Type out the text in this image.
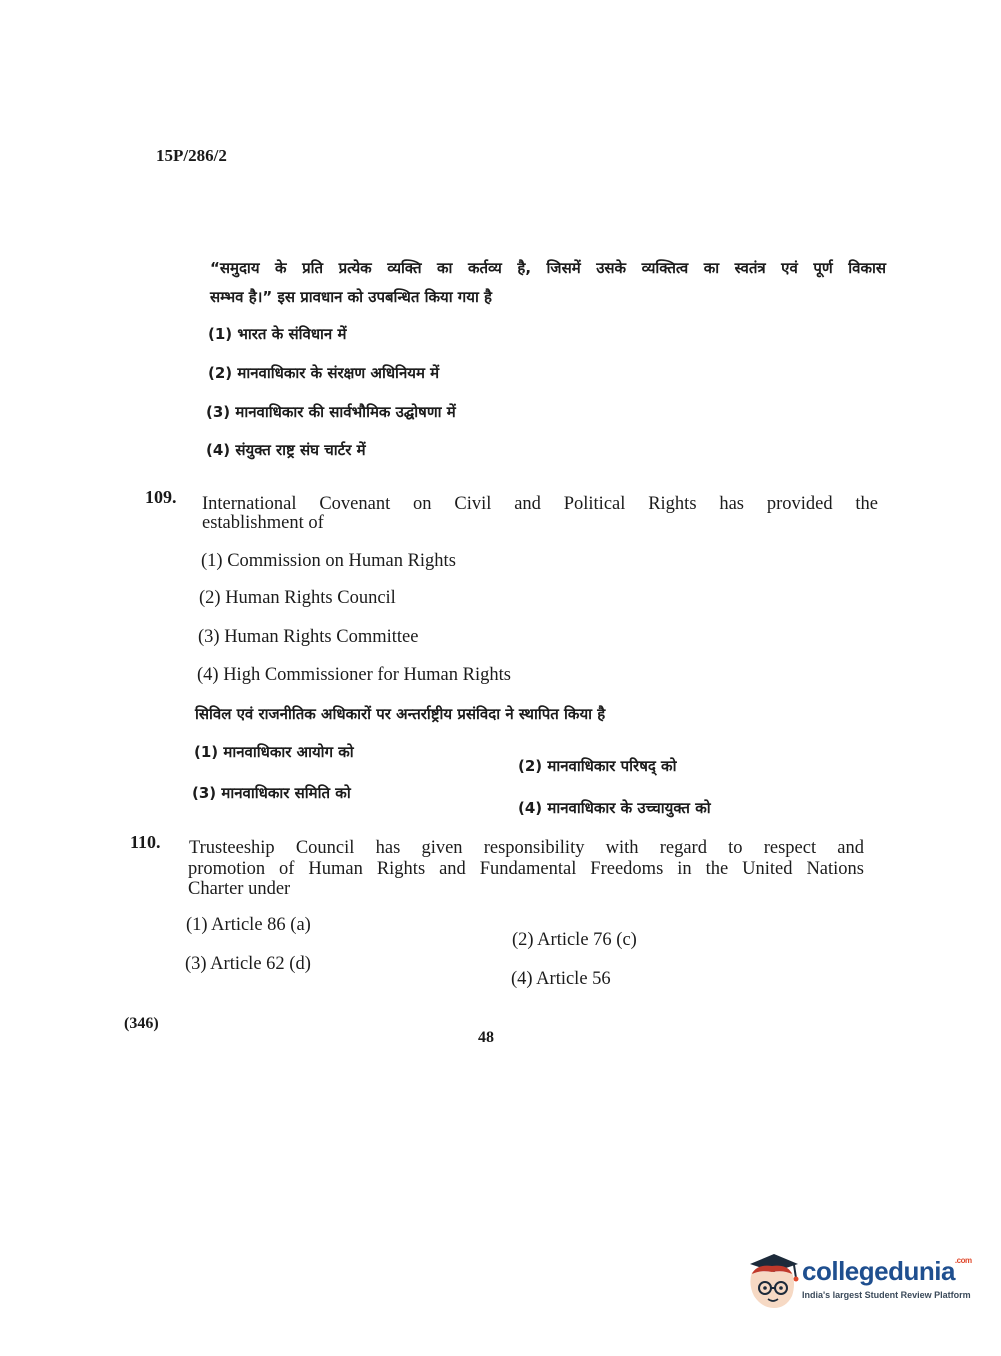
15P/286/2
“समुदाय के प्रति प्रत्येक व्यक्ति का कर्तव्य है, जिसमें उसके व्यक्तित्व का स्वतंत्र एवं पूर्ण विकास
सम्भव है।” इस प्रावधान को उपबन्धित किया गया है
(1) भारत के संविधान में
(2) मानवाधिकार के संरक्षण अधिनियम में
(3) मानवाधिकार की सार्वभौमिक उद्घोषणा में
(4) संयुक्त राष्ट्र संघ चार्टर में
109. International Covenant on Civil and Political Rights has provided the
establishment of
(1) Commission on Human Rights
(2) Human Rights Council
(3) Human Rights Committee
(4) High Commissioner for Human Rights
सिविल एवं राजनीतिक अधिकारों पर अन्तर्राष्ट्रीय प्रसंविदा ने स्थापित किया है
(1) मानवाधिकार आयोग को
(2) मानवाधिकार परिषद् को
(3) मानवाधिकार समिति को
(4) मानवाधिकार के उच्चायुक्त को
110. Trusteeship Council has given responsibility with regard to respect and
promotion of Human Rights and Fundamental Freedoms in the United Nations
Charter under
(1) Article 86 (a)
(2) Article 76 (c)
(3) Article 62 (d)
(4) Article 56
(346)
48
collegedunia$^{.com}$
India's largest Student Review Platform
